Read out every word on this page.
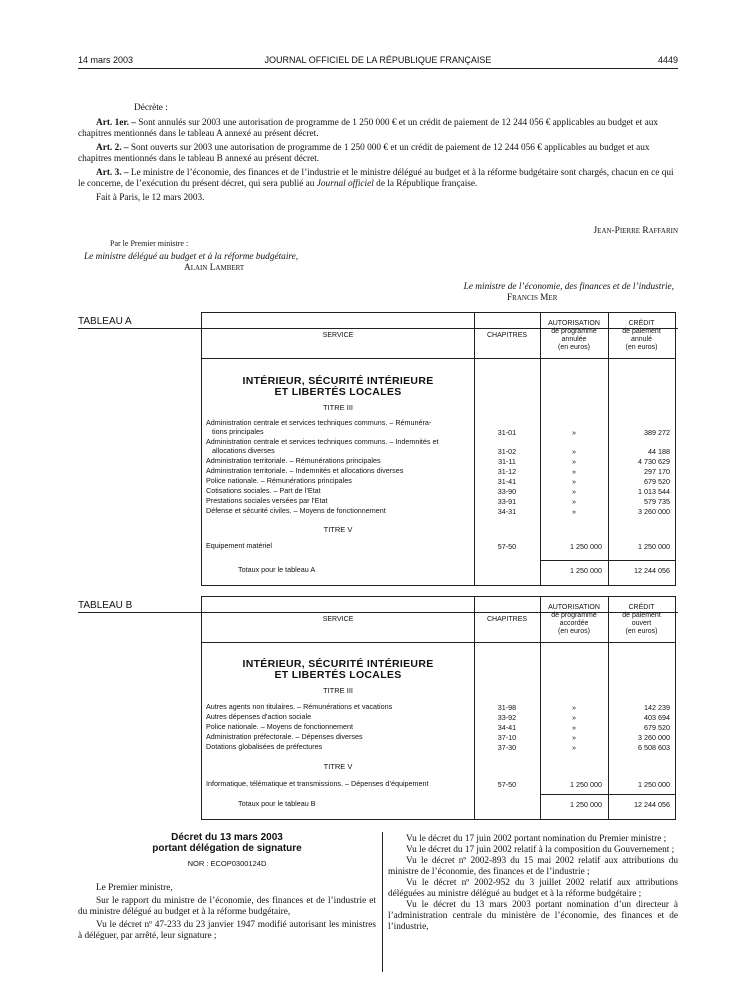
14 mars 2003	JOURNAL OFFICIEL DE LA RÉPUBLIQUE FRANÇAISE	4449

Décrète :

Art. 1er. – Sont annulés sur 2003 une autorisation de programme de 1 250 000 € et un crédit de paiement de 12 244 056 € applicables au budget et aux chapitres mentionnés dans le tableau A annexé au présent décret.

Art. 2. – Sont ouverts sur 2003 une autorisation de programme de 1 250 000 € et un crédit de paiement de 12 244 056 € applicables au budget et aux chapitres mentionnés dans le tableau B annexé au présent décret.

Art. 3. – Le ministre de l’économie, des finances et de l’industrie et le ministre délégué au budget et à la réforme budgétaire sont chargés, chacun en ce qui le concerne, de l’exécution du présent décret, qui sera publié au Journal officiel de la République française.

Fait à Paris, le 12 mars 2003.

Jean-Pierre Raffarin
Par le Premier ministre :
Le ministre délégué au budget et à la réforme budgétaire,
Alain Lambert
Le ministre de l’économie, des finances et de l’industrie,
Francis Mer
TABLEAU A
SERVICE	CHAPITRES
AUTORISATION
de programme
annulée
(en euros)
CRÉDIT
de paiement
annulé
(en euros)
INTÉRIEUR, SÉCURITÉ INTÉRIEURE
ET LIBERTÉS LOCALES
TITRE III
Administration centrale et services techniques communs. – Rémunéra-
tions principales	31-01	»	389 272
Administration centrale et services techniques communs. – Indemnités et
allocations diverses	31-02	»	44 188
Administration territoriale. – Rémunérations principales	31-11	»	4 730 629
Administration territoriale. – Indemnités et allocations diverses	31-12	»	297 170
Police nationale. – Rémunérations principales	31-41	»	679 520
Cotisations sociales. – Part de l’Etat	33-90	»	1 013 544
Prestations sociales versées par l’Etat	33-91	»	579 735
Défense et sécurité civiles. – Moyens de fonctionnement	34-31	»	3 260 000
TITRE V
Equipement matériel	57-50	1 250 000	1 250 000
Totaux pour le tableau A	1 250 000	12 244 056
TABLEAU B
SERVICE	CHAPITRES
AUTORISATION
de programme
accordée
(en euros)
CRÉDIT
de paiement
ouvert
(en euros)
INTÉRIEUR, SÉCURITÉ INTÉRIEURE
ET LIBERTÉS LOCALES
TITRE III
Autres agents non titulaires. – Rémunérations et vacations	31-98	»	142 239
Autres dépenses d’action sociale	33-92	»	403 694
Police nationale. – Moyens de fonctionnement	34-41	»	679 520
Administration préfectorale. – Dépenses diverses	37-10	»	3 260 000
Dotations globalisées de préfectures	37-30	»	6 508 603
TITRE V
Informatique, télématique et transmissions. – Dépenses d’équipement	57-50	1 250 000	1 250 000
Totaux pour le tableau B	1 250 000	12 244 056
Décret du 13 mars 2003
portant délégation de signature
NOR : ECOP0300124D

Le Premier ministre,

Sur le rapport du ministre de l’économie, des finances et de l’industrie et du ministre délégué au budget et à la réforme budgétaire,

Vu le décret nº 47-233 du 23 janvier 1947 modifié autorisant les ministres à déléguer, par arrêté, leur signature ;

Vu le décret du 17 juin 2002 portant nomination du Premier ministre ;

Vu le décret du 17 juin 2002 relatif à la composition du Gouvernement ;

Vu le décret nº 2002-893 du 15 mai 2002 relatif aux attributions du ministre de l’économie, des finances et de l’industrie ;

Vu le décret nº 2002-952 du 3 juillet 2002 relatif aux attributions déléguées au ministre délégué au budget et à la réforme budgétaire ;

Vu le décret du 13 mars 2003 portant nomination d’un directeur à l’administration centrale du ministère de l’économie, des finances et de l’industrie,
